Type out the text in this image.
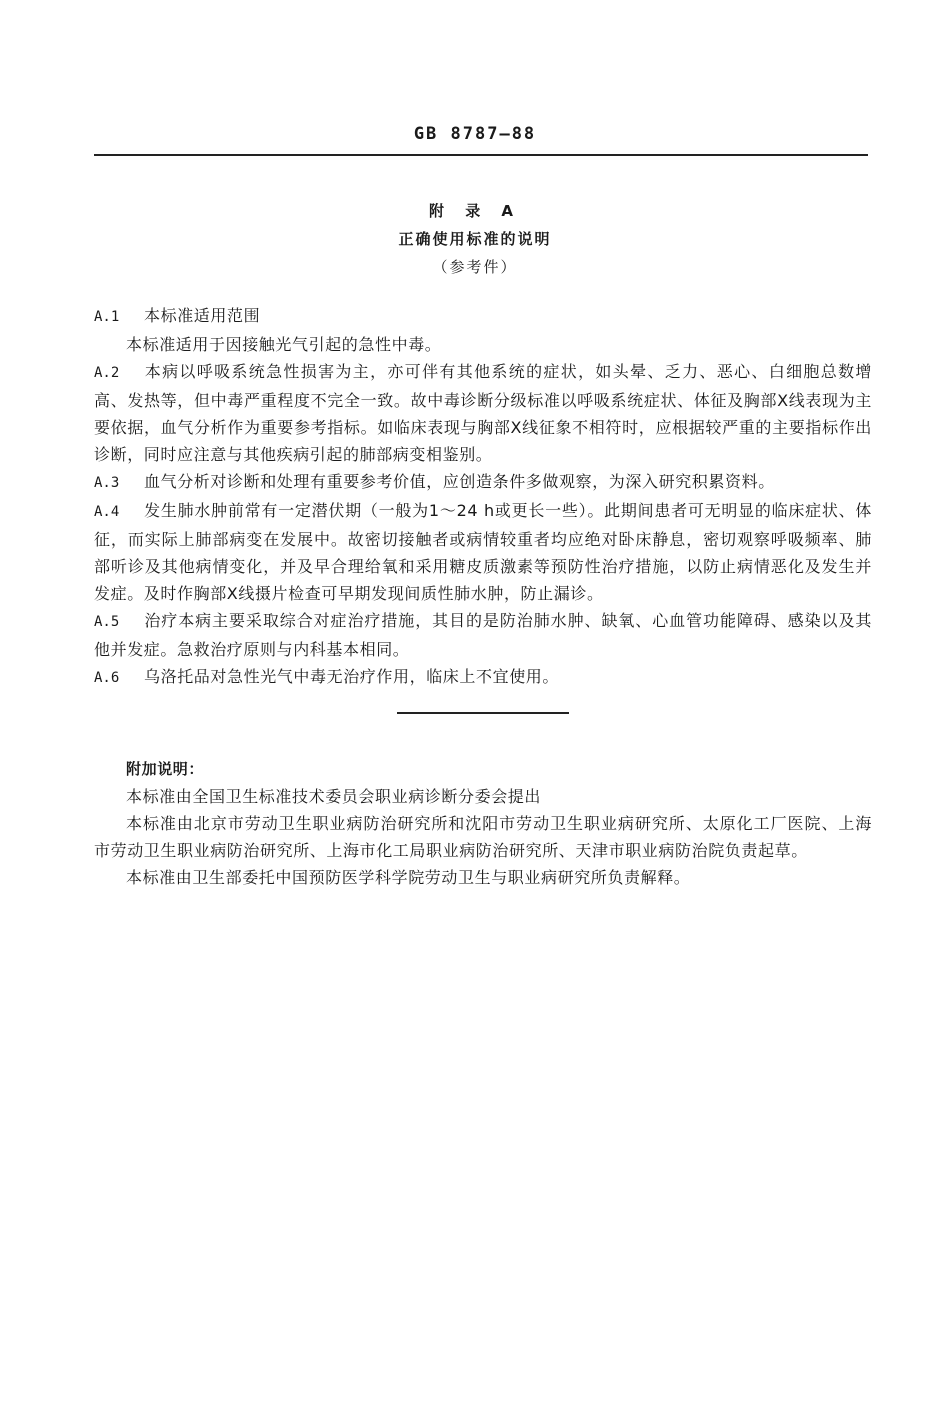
GB 8787—88
附 录 A
正确使用标准的说明
（参考件）

A.1 本标准适用范围

本标准适用于因接触光气引起的急性中毒。

A.2 本病以呼吸系统急性损害为主，亦可伴有其他系统的症状，如头晕、乏力、恶心、白细胞总数增高、发热等，但中毒严重程度不完全一致。故中毒诊断分级标准以呼吸系统症状、体征及胸部X线表现为主要依据，血气分析作为重要参考指标。如临床表现与胸部X线征象不相符时，应根据较严重的主要指标作出诊断，同时应注意与其他疾病引起的肺部病变相鉴别。

A.3 血气分析对诊断和处理有重要参考价值，应创造条件多做观察，为深入研究积累资料。

A.4 发生肺水肿前常有一定潜伏期（一般为1～24 h或更长一些）。此期间患者可无明显的临床症状、体征，而实际上肺部病变在发展中。故密切接触者或病情较重者均应绝对卧床静息，密切观察呼吸频率、肺部听诊及其他病情变化，并及早合理给氧和采用糖皮质激素等预防性治疗措施，以防止病情恶化及发生并发症。及时作胸部X线摄片检查可早期发现间质性肺水肿，防止漏诊。

A.5 治疗本病主要采取综合对症治疗措施，其目的是防治肺水肿、缺氧、心血管功能障碍、感染以及其他并发症。急救治疗原则与内科基本相同。

A.6 乌洛托品对急性光气中毒无治疗作用，临床上不宜使用。

附加说明：

本标准由全国卫生标准技术委员会职业病诊断分委会提出

本标准由北京市劳动卫生职业病防治研究所和沈阳市劳动卫生职业病研究所、太原化工厂医院、上海市劳动卫生职业病防治研究所、上海市化工局职业病防治研究所、天津市职业病防治院负责起草。

本标准由卫生部委托中国预防医学科学院劳动卫生与职业病研究所负责解释。
